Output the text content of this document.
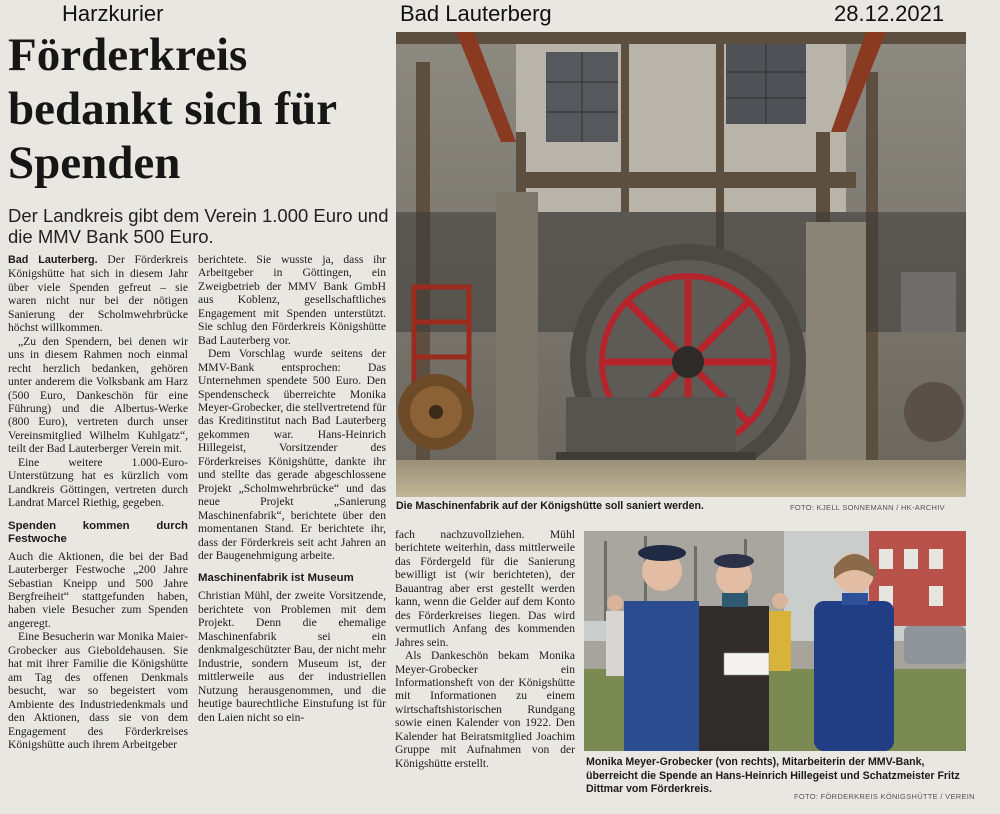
Harzkurier	Bad Lauterberg	28.12.2021
Förderkreis bedankt sich für Spenden
Der Landkreis gibt dem Verein 1.000 Euro und die MMV Bank 500 Euro.

Bad Lauterberg. Der Förderkreis Königshütte hat sich in diesem Jahr über viele Spenden gefreut – sie waren nicht nur bei der nötigen Sanierung der Scholmwehrbrücke höchst willkommen.

„Zu den Spendern, bei denen wir uns in diesem Rahmen noch einmal recht herzlich bedanken, gehören unter anderem die Volksbank am Harz (500 Euro, Dankeschön für eine Führung) und die Albertus-Werke (800 Euro), vertreten durch unser Vereinsmitglied Wilhelm Kuhlgatz“, teilt der Bad Lauterberger Verein mit.

Eine weitere 1.000-Euro-Unterstützung hat es kürzlich vom Landkreis Göttingen, vertreten durch Landrat Marcel Riethig, gegeben.

Spenden kommen durch Festwoche

Auch die Aktionen, die bei der Bad Lauterberger Festwoche „200 Jahre Sebastian Kneipp und 500 Jahre Bergfreiheit“ stattgefunden haben, haben viele Besucher zum Spenden angeregt.

Eine Besucherin war Monika Maier-Grobecker aus Gieboldehausen. Sie hat mit ihrer Familie die Königshütte am Tag des offenen Denkmals besucht, war so begeistert vom Ambiente des Industriedenkmals und den Aktionen, dass sie von dem Engagement des Förderkreises Königshütte auch ihrem Arbeitgeber

berichtete. Sie wusste ja, dass ihr Arbeitgeber in Göttingen, ein Zweigbetrieb der MMV Bank GmbH aus Koblenz, gesellschaftliches Engagement mit Spenden unterstützt. Sie schlug den Förderkreis Königshütte Bad Lauterberg vor.

Dem Vorschlag wurde seitens der MMV-Bank entsprochen: Das Unternehmen spendete 500 Euro. Den Spendenscheck überreichte Monika Meyer-Grobecker, die stellvertretend für das Kreditinstitut nach Bad Lauterberg gekommen war. Hans-Heinrich Hillegeist, Vorsitzender des Förderkreises Königshütte, dankte ihr und stellte das gerade abgeschlossene Projekt „Scholmwehrbrücke“ und das neue Projekt „Sanierung Maschinenfabrik“, berichtete über den momentanen Stand. Er berichtete ihr, dass der Förderkreis seit acht Jahren an der Baugenehmigung arbeite.

Maschinenfabrik ist Museum

Christian Mühl, der zweite Vorsitzende, berichtete von Problemen mit dem Projekt. Denn die ehemalige Maschinenfabrik sei ein denkmalgeschützter Bau, der nicht mehr Industrie, sondern Museum ist, der mittlerweile aus der industriellen Nutzung herausgenommen, und die heutige baurechtliche Einstufung ist für den Laien nicht so ein-

Die Maschinenfabrik auf der Königshütte soll saniert werden.	FOTO: KJELL SONNEMANN / HK-ARCHIV

fach nachzuvollziehen. Mühl berichtete weiterhin, dass mittlerweile das Fördergeld für die Sanierung bewilligt ist (wir berichteten), der Bauantrag aber erst gestellt werden kann, wenn die Gelder auf dem Konto des Förderkreises liegen. Das wird vermutlich Anfang des kommenden Jahres sein.

Als Dankeschön bekam Monika Meyer-Grobecker ein Informationsheft von der Königshütte mit Informationen zu einem wirtschaftshistorischen Rundgang sowie einen Kalender von 1922. Den Kalender hat Beiratsmitglied Joachim Gruppe mit Aufnahmen von der Königshütte erstellt.	Monika Meyer-Grobecker (von rechts), Mitarbeiterin der MMV-Bank, überreicht die Spende an Hans-Heinrich Hillegeist und Schatzmeister Fritz Dittmar vom Förderkreis.
FOTO: FÖRDERKREIS KÖNIGSHÜTTE / VEREIN
